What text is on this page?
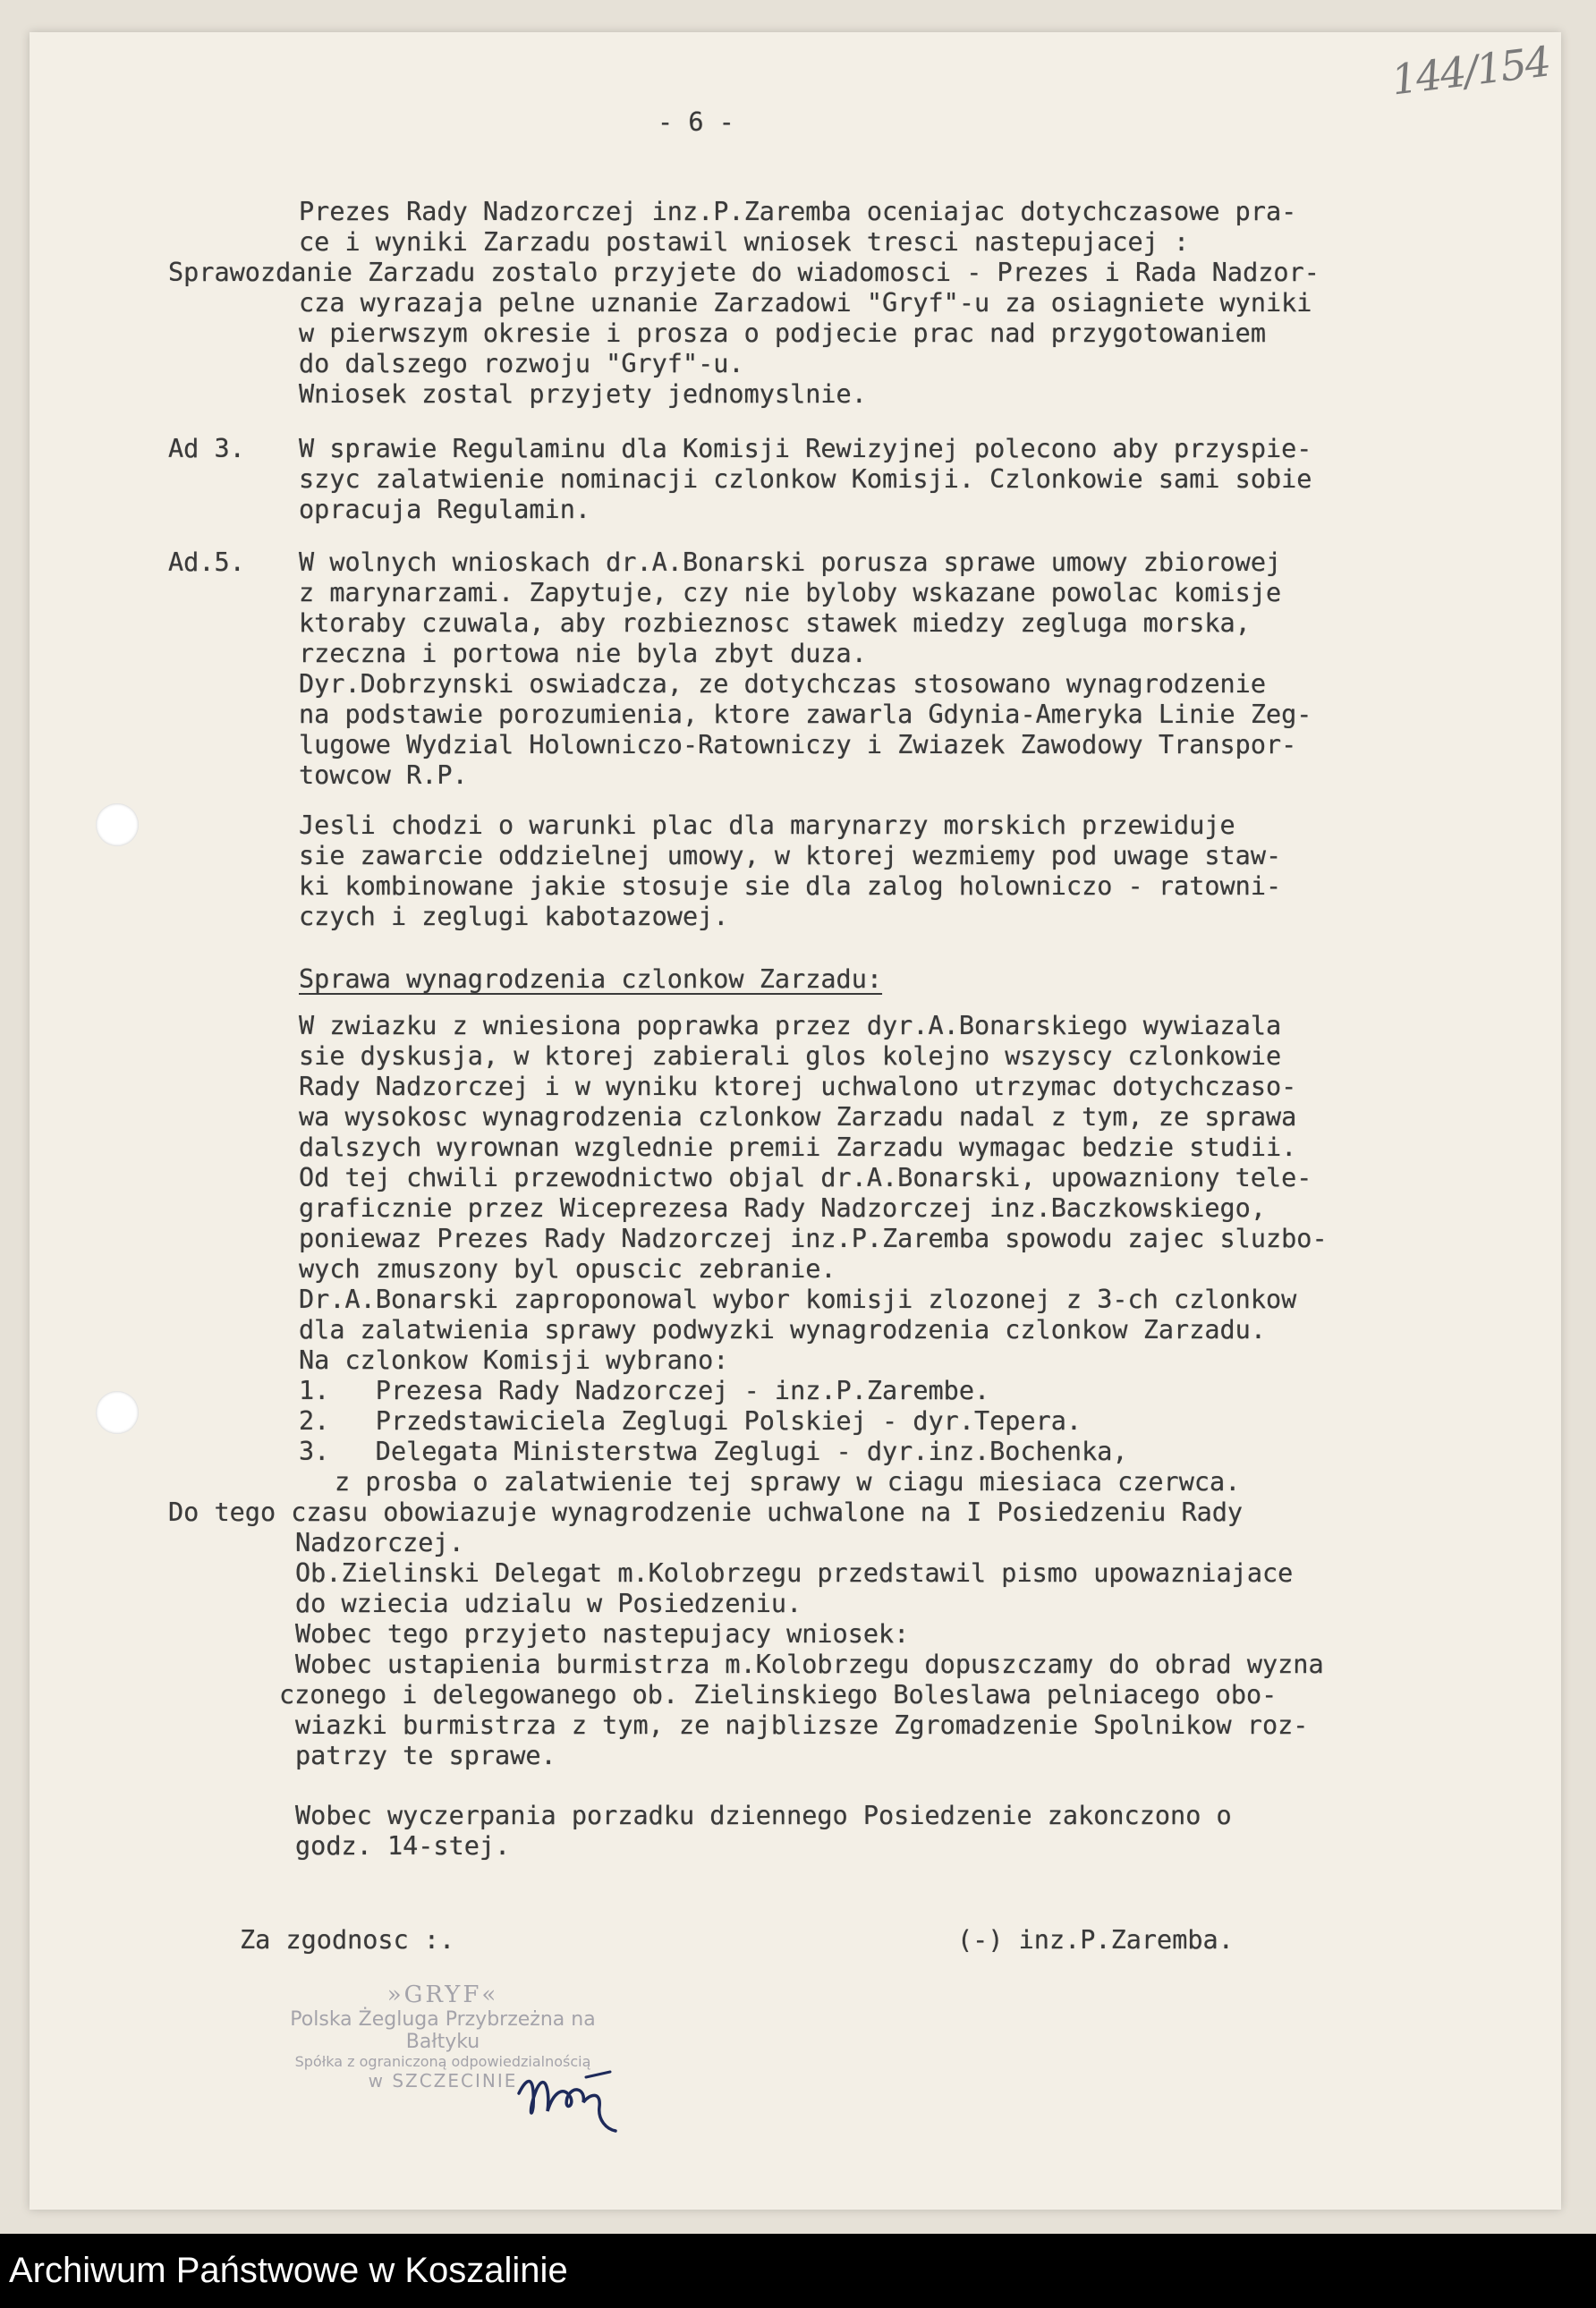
144/154
- 6 -
Prezes Rady Nadzorczej inz.P.Zaremba oceniajac dotychczasowe pra-
ce i wyniki Zarzadu postawil wniosek tresci nastepujacej :
Sprawozdanie Zarzadu zostalo przyjete do wiadomosci - Prezes i Rada Nadzor-
cza wyrazaja pelne uznanie Zarzadowi "Gryf"-u za osiagniete wyniki
w pierwszym okresie i prosza o podjecie prac nad przygotowaniem
do dalszego rozwoju "Gryf"-u.
Wniosek zostal przyjety jednomyslnie.
Ad 3. W sprawie Regulaminu dla Komisji Rewizyjnej polecono aby przyspie-
szyc zalatwienie nominacji czlonkow Komisji. Czlonkowie sami sobie
opracuja Regulamin.
Ad.5. W wolnych wnioskach dr.A.Bonarski porusza sprawe umowy zbiorowej
z marynarzami. Zapytuje, czy nie byloby wskazane powolac komisje
ktoraby czuwala, aby rozbieznosc stawek miedzy zegluga morska,
rzeczna i portowa nie byla zbyt duza.
Dyr.Dobrzynski oswiadcza, ze dotychczas stosowano wynagrodzenie
na podstawie porozumienia, ktore zawarla Gdynia-Ameryka Linie Zeg-
lugowe Wydzial Holowniczo-Ratowniczy i Zwiazek Zawodowy Transpor-
towcow R.P.
Jesli chodzi o warunki plac dla marynarzy morskich przewiduje
sie zawarcie oddzielnej umowy, w ktorej wezmiemy pod uwage staw-
ki kombinowane jakie stosuje sie dla zalog holowniczo - ratowni-
czych i zeglugi kabotazowej.
Sprawa wynagrodzenia czlonkow Zarzadu:
W zwiazku z wniesiona poprawka przez dyr.A.Bonarskiego wywiazala
sie dyskusja, w ktorej zabierali glos kolejno wszyscy czlonkowie
Rady Nadzorczej i w wyniku ktorej uchwalono utrzymac dotychczaso-
wa wysokosc wynagrodzenia czlonkow Zarzadu nadal z tym, ze sprawa
dalszych wyrownan wzglednie premii Zarzadu wymagac bedzie studii.
Od tej chwili przewodnictwo objal dr.A.Bonarski, upowazniony tele-
graficznie przez Wiceprezesa Rady Nadzorczej inz.Baczkowskiego,
poniewaz Prezes Rady Nadzorczej inz.P.Zaremba spowodu zajec sluzbo-
wych zmuszony byl opuscic zebranie.
Dr.A.Bonarski zaproponowal wybor komisji zlozonej z 3-ch czlonkow
dla zalatwienia sprawy podwyzki wynagrodzenia czlonkow Zarzadu.
Na czlonkow Komisji wybrano:
1.   Prezesa Rady Nadzorczej - inz.P.Zarembe.
2.   Przedstawiciela Zeglugi Polskiej - dyr.Tepera.
3.   Delegata Ministerstwa Zeglugi - dyr.inz.Bochenka,
z prosba o zalatwienie tej sprawy w ciagu miesiaca czerwca.
Do tego czasu obowiazuje wynagrodzenie uchwalone na I Posiedzeniu Rady
Nadzorczej.
Ob.Zielinski Delegat m.Kolobrzegu przedstawil pismo upowazniajace
do wziecia udzialu w Posiedzeniu.
Wobec tego przyjeto nastepujacy wniosek:
Wobec ustapienia burmistrza m.Kolobrzegu dopuszczamy do obrad wyzna
czonego i delegowanego ob. Zielinskiego Boleslawa pelniacego obo-
wiazki burmistrza z tym, ze najblizsze Zgromadzenie Spolnikow roz-
patrzy te sprawe.
Wobec wyczerpania porzadku dziennego Posiedzenie zakonczono o
godz. 14-stej.
Za zgodnosc :.	(-) inz.P.Zaremba.
»GRYF«
Polska Żegluga Przybrzeżna na Bałtyku
Spółka z ograniczoną odpowiedzialnością
w SZCZECINIE
Archiwum Państwowe w Koszalinie
